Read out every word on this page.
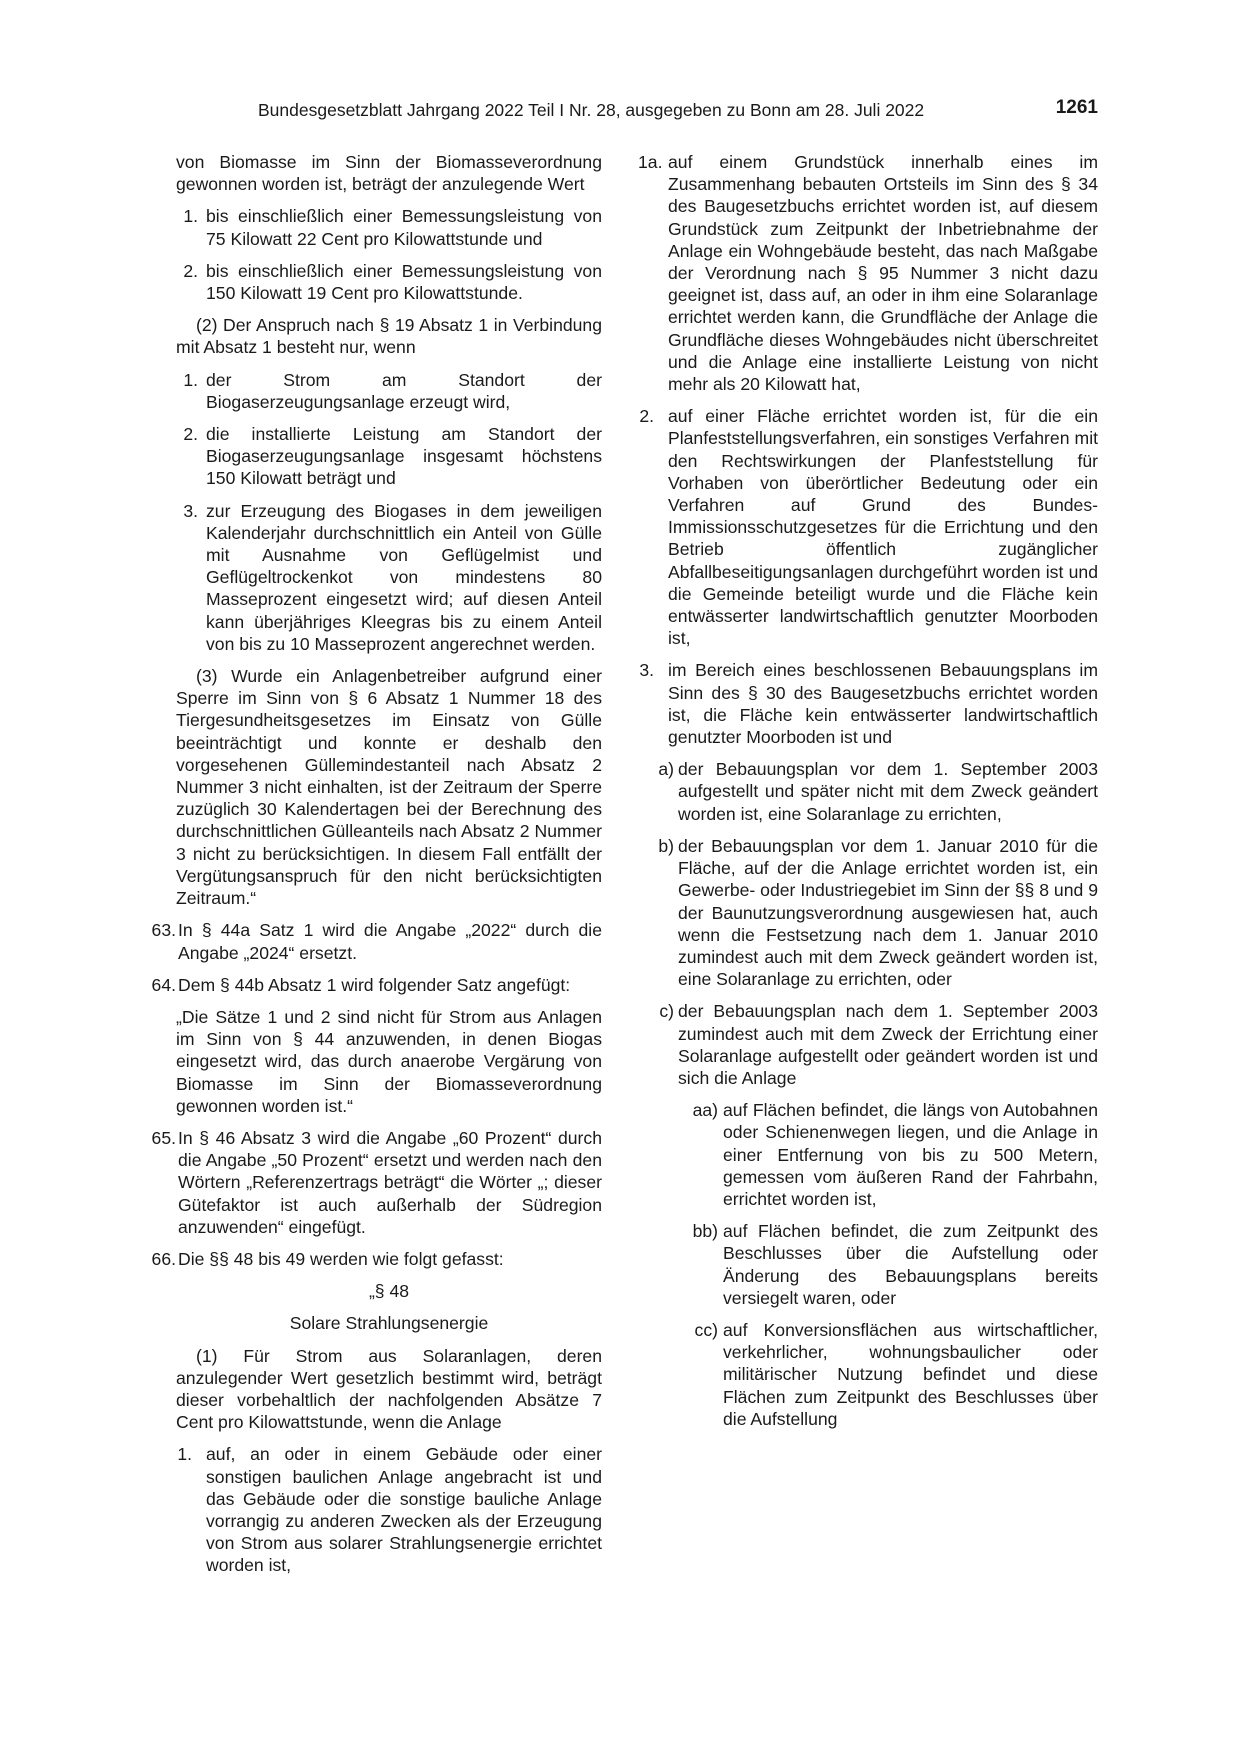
Bundesgesetzblatt Jahrgang 2022 Teil I Nr. 28, ausgegeben zu Bonn am 28. Juli 2022	1261

von Biomasse im Sinn der Biomasseverordnung gewonnen worden ist, beträgt der anzulegende Wert

1. bis einschließlich einer Bemessungsleistung von 75 Kilowatt 22 Cent pro Kilowattstunde und
2. bis einschließlich einer Bemessungsleistung von 150 Kilowatt 19 Cent pro Kilowattstunde.

(2) Der Anspruch nach § 19 Absatz 1 in Verbindung mit Absatz 1 besteht nur, wenn

1. der Strom am Standort der Biogaserzeugungsanlage erzeugt wird,
2. die installierte Leistung am Standort der Biogaserzeugungsanlage insgesamt höchstens 150 Kilowatt beträgt und
3. zur Erzeugung des Biogases in dem jeweiligen Kalenderjahr durchschnittlich ein Anteil von Gülle mit Ausnahme von Geflügelmist und Geflügeltrockenkot von mindestens 80 Masseprozent eingesetzt wird; auf diesen Anteil kann überjähriges Kleegras bis zu einem Anteil von bis zu 10 Masseprozent angerechnet werden.

(3) Wurde ein Anlagenbetreiber aufgrund einer Sperre im Sinn von § 6 Absatz 1 Nummer 18 des Tiergesundheitsgesetzes im Einsatz von Gülle beeinträchtigt und konnte er deshalb den vorgesehenen Güllemindestanteil nach Absatz 2 Nummer 3 nicht einhalten, ist der Zeitraum der Sperre zuzüglich 30 Kalendertagen bei der Berechnung des durchschnittlichen Gülleanteils nach Absatz 2 Nummer 3 nicht zu berücksichtigen. In diesem Fall entfällt der Vergütungsanspruch für den nicht berücksichtigten Zeitraum.“

63. In § 44a Satz 1 wird die Angabe „2022“ durch die Angabe „2024“ ersetzt.
64. Dem § 44b Absatz 1 wird folgender Satz angefügt:

„Die Sätze 1 und 2 sind nicht für Strom aus Anlagen im Sinn von § 44 anzuwenden, in denen Biogas eingesetzt wird, das durch anaerobe Vergärung von Biomasse im Sinn der Biomasseverordnung gewonnen worden ist.“

65. In § 46 Absatz 3 wird die Angabe „60 Prozent“ durch die Angabe „50 Prozent“ ersetzt und werden nach den Wörtern „Referenzertrags beträgt“ die Wörter „; dieser Gütefaktor ist auch außerhalb der Südregion anzuwenden“ eingefügt.
66. Die §§ 48 bis 49 werden wie folgt gefasst:

„§ 48

Solare Strahlungsenergie

(1) Für Strom aus Solaranlagen, deren anzulegender Wert gesetzlich bestimmt wird, beträgt dieser vorbehaltlich der nachfolgenden Absätze 7 Cent pro Kilowattstunde, wenn die Anlage

1. auf, an oder in einem Gebäude oder einer sonstigen baulichen Anlage angebracht ist und das Gebäude oder die sonstige bauliche Anlage vorrangig zu anderen Zwecken als der Erzeugung von Strom aus solarer Strahlungsenergie errichtet worden ist,
1a. auf einem Grundstück innerhalb eines im Zusammenhang bebauten Ortsteils im Sinn des § 34 des Baugesetzbuchs errichtet worden ist, auf diesem Grundstück zum Zeitpunkt der Inbetriebnahme der Anlage ein Wohngebäude besteht, das nach Maßgabe der Verordnung nach § 95 Nummer 3 nicht dazu geeignet ist, dass auf, an oder in ihm eine Solaranlage errichtet werden kann, die Grundfläche der Anlage die Grundfläche dieses Wohngebäudes nicht überschreitet und die Anlage eine installierte Leistung von nicht mehr als 20 Kilowatt hat,
2. auf einer Fläche errichtet worden ist, für die ein Planfeststellungsverfahren, ein sonstiges Verfahren mit den Rechtswirkungen der Planfeststellung für Vorhaben von überörtlicher Bedeutung oder ein Verfahren auf Grund des Bundes-Immissionsschutzgesetzes für die Errichtung und den Betrieb öffentlich zugänglicher Abfallbeseitigungsanlagen durchgeführt worden ist und die Gemeinde beteiligt wurde und die Fläche kein entwässerter landwirtschaftlich genutzter Moorboden ist,
3. im Bereich eines beschlossenen Bebauungsplans im Sinn des § 30 des Baugesetzbuchs errichtet worden ist, die Fläche kein entwässerter landwirtschaftlich genutzter Moorboden ist und
a) der Bebauungsplan vor dem 1. September 2003 aufgestellt und später nicht mit dem Zweck geändert worden ist, eine Solaranlage zu errichten,
b) der Bebauungsplan vor dem 1. Januar 2010 für die Fläche, auf der die Anlage errichtet worden ist, ein Gewerbe- oder Industriegebiet im Sinn der §§ 8 und 9 der Baunutzungsverordnung ausgewiesen hat, auch wenn die Festsetzung nach dem 1. Januar 2010 zumindest auch mit dem Zweck geändert worden ist, eine Solaranlage zu errichten, oder
c) der Bebauungsplan nach dem 1. September 2003 zumindest auch mit dem Zweck der Errichtung einer Solaranlage aufgestellt oder geändert worden ist und sich die Anlage
aa) auf Flächen befindet, die längs von Autobahnen oder Schienenwegen liegen, und die Anlage in einer Entfernung von bis zu 500 Metern, gemessen vom äußeren Rand der Fahrbahn, errichtet worden ist,
bb) auf Flächen befindet, die zum Zeitpunkt des Beschlusses über die Aufstellung oder Änderung des Bebauungsplans bereits versiegelt waren, oder
cc) auf Konversionsflächen aus wirtschaftlicher, verkehrlicher, wohnungsbaulicher oder militärischer Nutzung befindet und diese Flächen zum Zeitpunkt des Beschlusses über die Aufstellung
